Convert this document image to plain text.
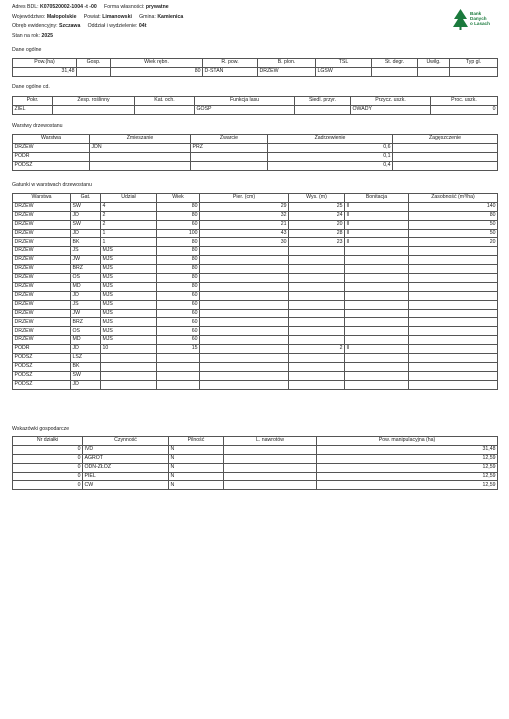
Adres BDL: K070520002-1004 -t -00 Forma własności: prywatne
Województwo: Małopolskie Powiat: Limanowski Gmina: Kamienica
Obręb ewidencyjny: Szczawa Oddział i wydzielenie: 04t
Stan na rok: 2025
Bank Danych
o Lasach
Dane ogólne
Pow.(ha)	Gosp.	Wiek rębn.	R. pow.	B. plon.	TSL	St. degr.	Uwilg.	Typ gl.
31,48		80	D-STAN	DRZEW	LGŚW			
Dane ogólne cd.
Pokr.	Zesp. roślinny	Kat. och.	Funkcja lasu	Siedl. przyr.	Przycz. uszk.	Proc. uszk.
ZIEL			GOSP		OWADY	0
Warstwy drzewostanu
Warstwa	Zmieszanie	Zwarcie	Zadrzewienie	Zagęszczenie
DRZEW	JDN	PRZ	0,6	
PODR			0,1	
PODSZ			0,4	
Gatunki w warstwach drzewostanu
Warstwa	Gat.	Udział	Wiek	Pier. (cm)	Wys. (m)	Bonitacja	Zasobność (m³/ha)
DRZEW	SW	4	80	29	25	II	140
DRZEW	JD	2	80	32	24	II	80
DRZEW	SW	2	60	21	20	II	50
DRZEW	JD	1	100	43	28	II	50
DRZEW	BK	1	80	30	23	II	20
DRZEW	JS	MJS	80				
DRZEW	JW	MJS	80				
DRZEW	BRZ	MJS	80				
DRZEW	OS	MJS	80				
DRZEW	MD	MJS	80				
DRZEW	JD	MJS	60				
DRZEW	JS	MJS	60				
DRZEW	JW	MJS	60				
DRZEW	BRZ	MJS	60				
DRZEW	OS	MJS	60				
DRZEW	MD	MJS	60				
PODR	JD	10	15		2	II	
PODSZ	LSZ						
PODSZ	BK						
PODSZ	SW						
PODSZ	JD						
Wskazówki gospodarcze
Nr działki	Czynność	Pilność	L. nawrotów	Pow. manipulacyjna (ha)
0	IVD	N		31,48
0	AGROT	N		12,59
0	ODN-ZŁOŻ	N		12,59
0	PIEL	N		12,59
0	CW	N		12,59
